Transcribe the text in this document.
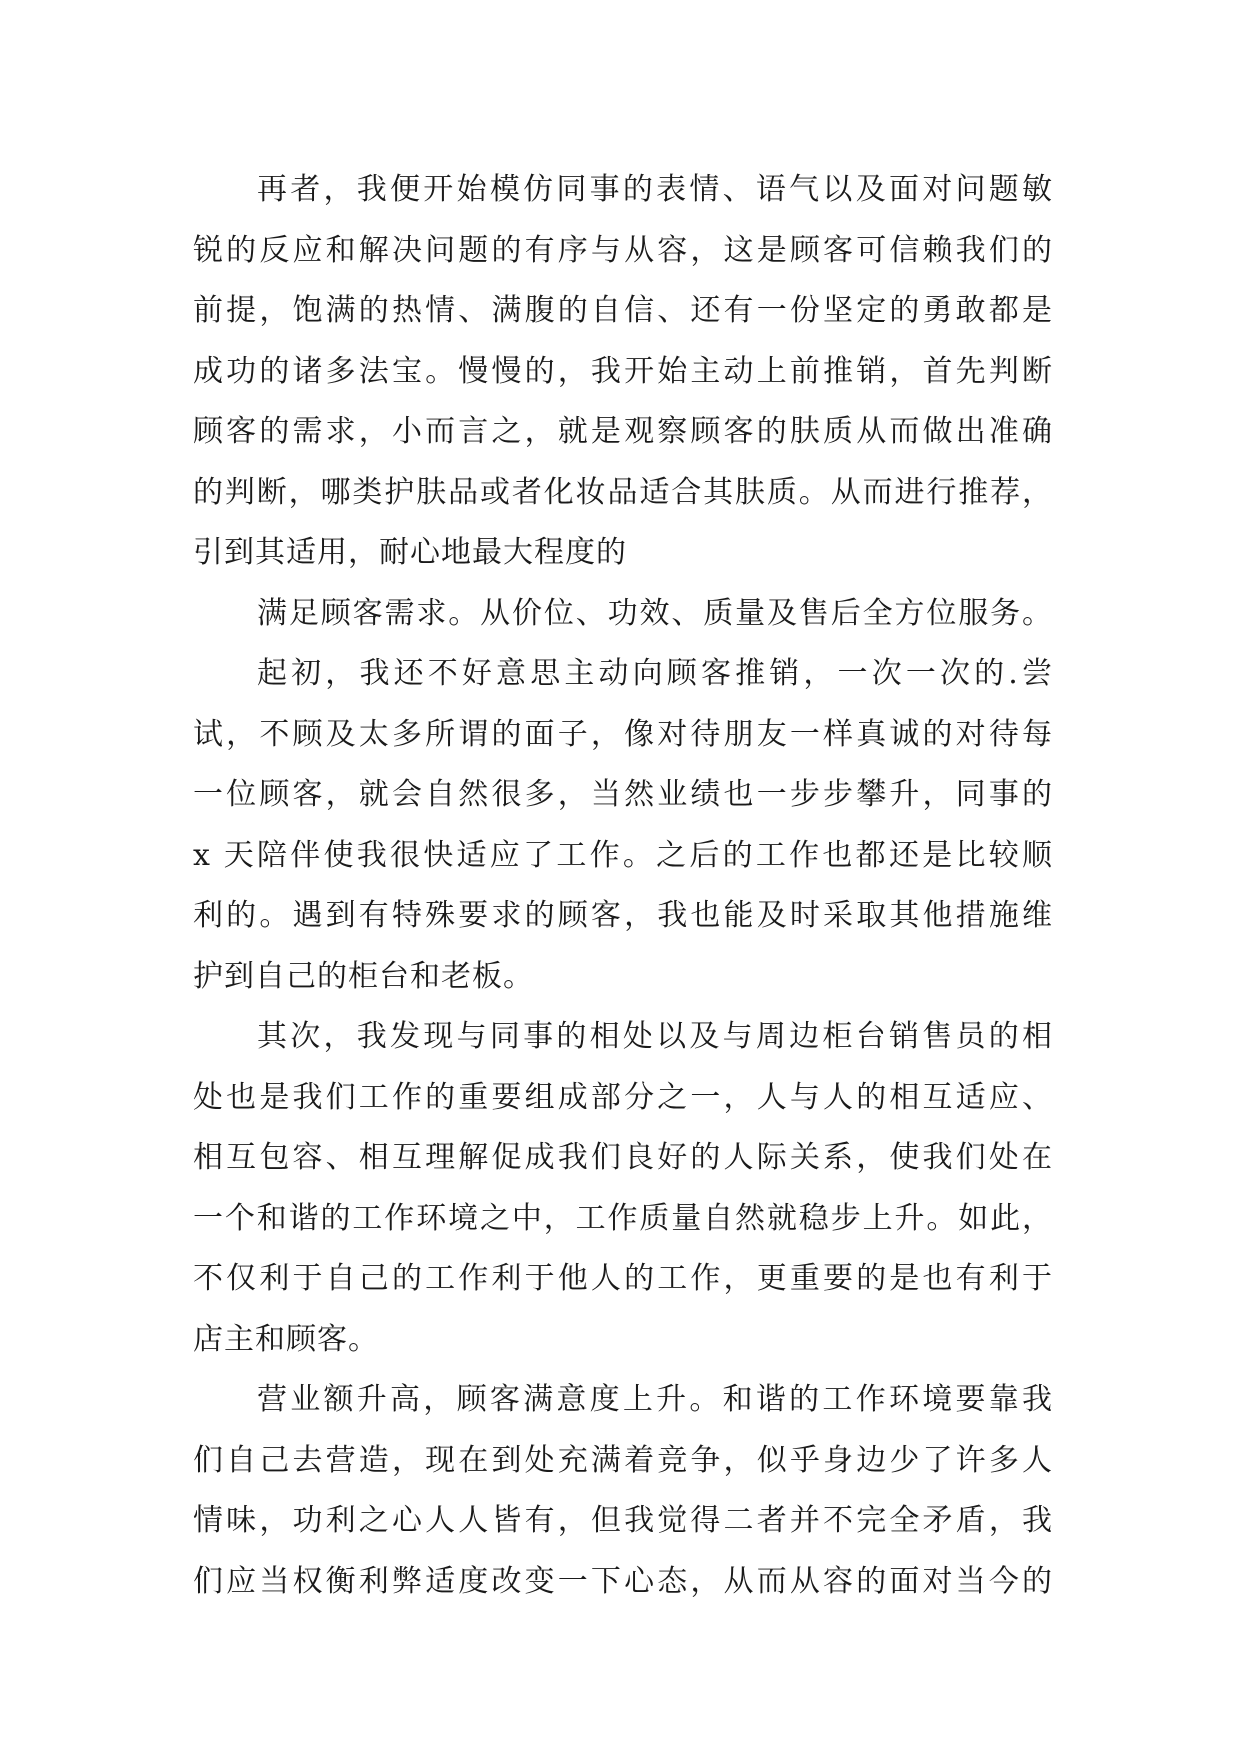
再者，我便开始模仿同事的表情、语气以及面对问题敏
锐的反应和解决问题的有序与从容，这是顾客可信赖我们的
前提，饱满的热情、满腹的自信、还有一份坚定的勇敢都是
成功的诸多法宝。慢慢的，我开始主动上前推销，首先判断
顾客的需求，小而言之，就是观察顾客的肤质从而做出准确
的判断，哪类护肤品或者化妆品适合其肤质。从而进行推荐，
引到其适用，耐心地最大程度的
满足顾客需求。从价位、功效、质量及售后全方位服务。
起初，我还不好意思主动向顾客推销，一次一次的.尝
试，不顾及太多所谓的面子，像对待朋友一样真诚的对待每
一位顾客，就会自然很多，当然业绩也一步步攀升，同事的
x 天陪伴使我很快适应了工作。之后的工作也都还是比较顺
利的。遇到有特殊要求的顾客，我也能及时采取其他措施维
护到自己的柜台和老板。
其次，我发现与同事的相处以及与周边柜台销售员的相
处也是我们工作的重要组成部分之一，人与人的相互适应、
相互包容、相互理解促成我们良好的人际关系，使我们处在
一个和谐的工作环境之中，工作质量自然就稳步上升。如此，
不仅利于自己的工作利于他人的工作，更重要的是也有利于
店主和顾客。
营业额升高，顾客满意度上升。和谐的工作环境要靠我
们自己去营造，现在到处充满着竞争，似乎身边少了许多人
情味，功利之心人人皆有，但我觉得二者并不完全矛盾，我
们应当权衡利弊适度改变一下心态，从而从容的面对当今的
